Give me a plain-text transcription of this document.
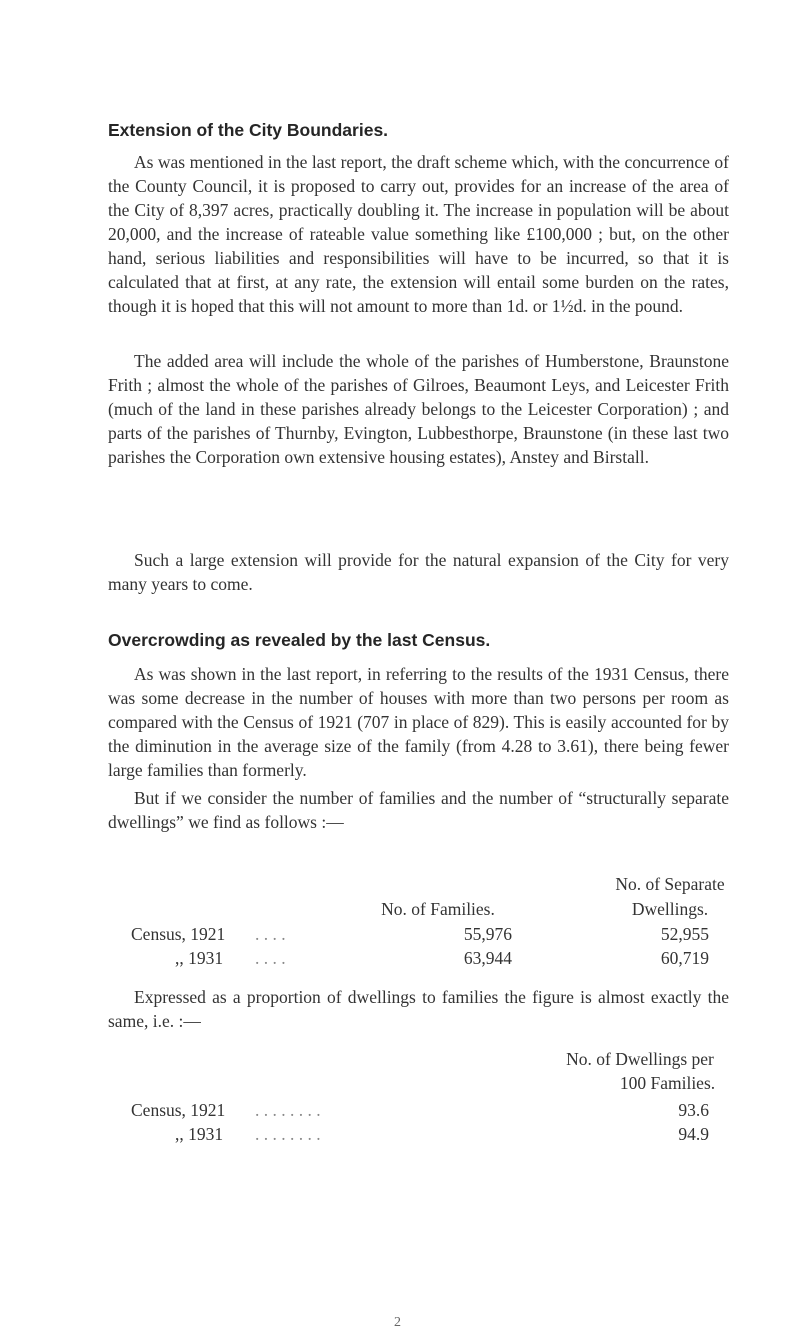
Extension of the City Boundaries.

As was mentioned in the last report, the draft scheme which, with the concurrence of the County Council, it is proposed to carry out, provides for an increase of the area of the City of 8,397 acres, practically doubling it. The increase in population will be about 20,000, and the increase of rateable value something like £100,000 ; but, on the other hand, serious liabilities and responsibilities will have to be incurred, so that it is calculated that at first, at any rate, the extension will entail some burden on the rates, though it is hoped that this will not amount to more than 1d. or 1½d. in the pound.

The added area will include the whole of the parishes of Humberstone, Braunstone Frith ; almost the whole of the parishes of Gilroes, Beaumont Leys, and Leicester Frith (much of the land in these parishes already belongs to the Leicester Corporation) ; and parts of the parishes of Thurnby, Evington, Lubbesthorpe, Braunstone (in these last two parishes the Corporation own extensive housing estates), Anstey and Birstall.

Such a large extension will provide for the natural expansion of the City for very many years to come.

Overcrowding as revealed by the last Census.

As was shown in the last report, in referring to the results of the 1931 Census, there was some decrease in the number of houses with more than two persons per room as compared with the Census of 1921 (707 in place of 829). This is easily accounted for by the diminution in the average size of the family (from 4.28 to 3.61), there being fewer large families than formerly.

But if we consider the number of families and the number of “structurally separate dwellings” we find as follows :—

No. of Separate
No. of Families.	Dwellings.
Census, 1921 . . . .	55,976	52,955
,, 1931 . . . .	63,944	60,719

Expressed as a proportion of dwellings to families the figure is almost exactly the same, i.e. :—

No. of Dwellings per
100 Families.
Census, 1921 . . . . . . . .	93.6
,, 1931 . . . . . . . .	94.9
2
